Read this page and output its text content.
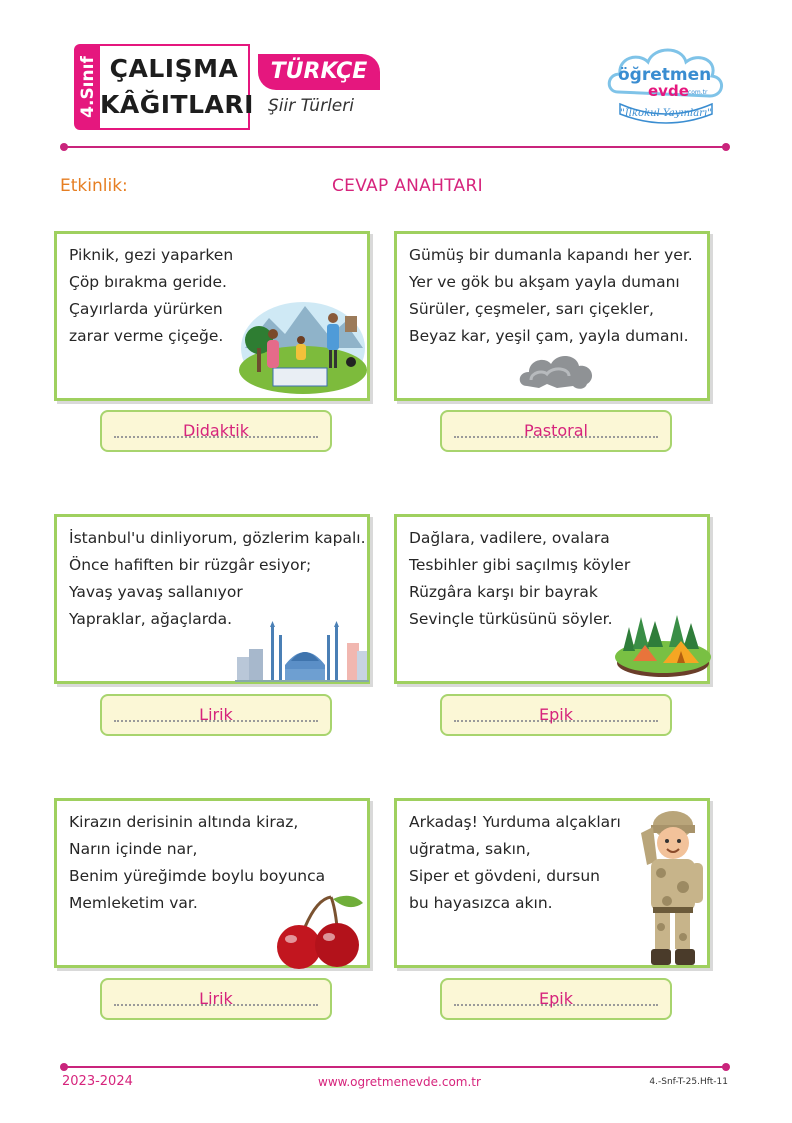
4.Sınıf ÇALIŞMA
KÂĞITLARI
TÜRKÇE
Şiir Türleri
öğretmen
evde
.com.tr
"İlkokul Yayınları"
Etkinlik:	CEVAP ANAHTARI
Piknik, gezi yaparken
Çöp bırakma geride.
Çayırlarda yürürken
zarar verme çiçeğe.
Didaktik
Gümüş bir dumanla kapandı her yer.
Yer ve gök bu akşam yayla dumanı
Sürüler, çeşmeler, sarı çiçekler,
Beyaz kar, yeşil çam, yayla dumanı.
Pastoral
İstanbul'u dinliyorum, gözlerim kapalı.
Önce hafiften bir rüzgâr esiyor;
Yavaş yavaş sallanıyor
Yapraklar, ağaçlarda.
Lirik
Dağlara, vadilere, ovalara
Tesbihler gibi saçılmış köyler
Rüzgâra karşı bir bayrak
Sevinçle türküsünü söyler.
Epik
Kirazın derisinin altında kiraz,
Narın içinde nar,
Benim yüreğimde boylu boyunca
Memleketim var.
Lirik
Arkadaş! Yurduma alçakları
uğratma, sakın,
Siper et gövdeni, dursun
bu hayasızca akın.
Epik
2023-2024	www.ogretmenevde.com.tr	4.-Snf-T-25.Hft-11
